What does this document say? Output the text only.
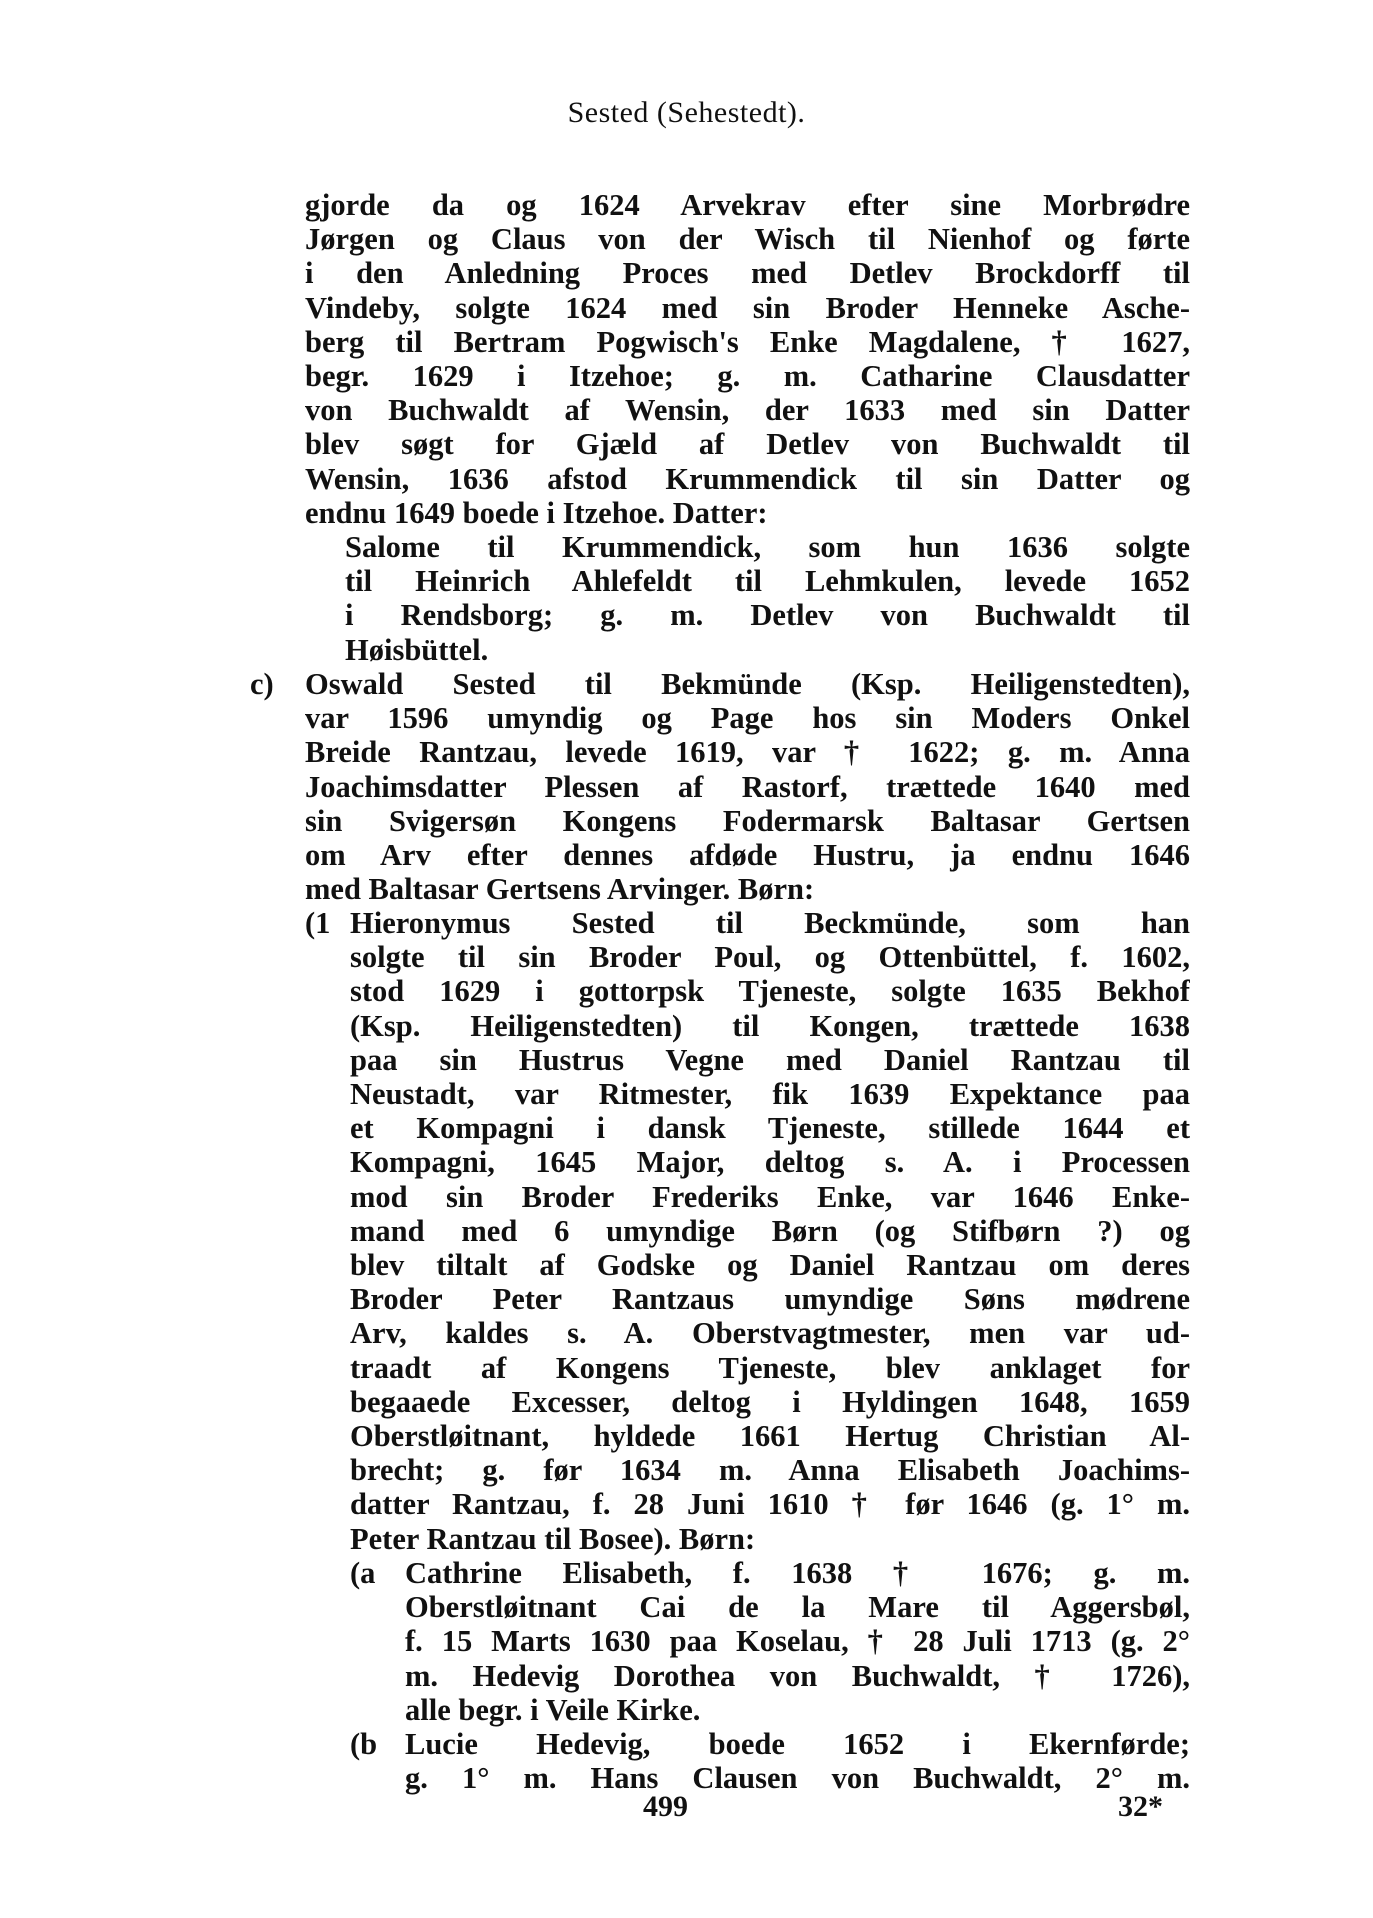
Sested (Sehestedt).
gjorde da og 1624 Arvekrav efter sine Morbrødre
Jørgen og Claus von der Wisch til Nienhof og førte
i den Anledning Proces med Detlev Brockdorff til
Vindeby, solgte 1624 med sin Broder Henneke Asche-
berg til Bertram Pogwisch's Enke Magdalene, † 1627,
begr. 1629 i Itzehoe; g. m. Catharine Clausdatter
von Buchwaldt af Wensin, der 1633 med sin Datter
blev søgt for Gjæld af Detlev von Buchwaldt til
Wensin, 1636 afstod Krummendick til sin Datter og
endnu 1649 boede i Itzehoe. Datter:
Salome til Krummendick, som hun 1636 solgte
til Heinrich Ahlefeldt til Lehmkulen, levede 1652
i Rendsborg; g. m. Detlev von Buchwaldt til
Høisbüttel.
c) Oswald Sested til Bekmünde (Ksp. Heiligenstedten),
var 1596 umyndig og Page hos sin Moders Onkel
Breide Rantzau, levede 1619, var † 1622; g. m. Anna
Joachimsdatter Plessen af Rastorf, trættede 1640 med
sin Svigersøn Kongens Fodermarsk Baltasar Gertsen
om Arv efter dennes afdøde Hustru, ja endnu 1646
med Baltasar Gertsens Arvinger. Børn:
(1 Hieronymus Sested til Beckmünde, som han
solgte til sin Broder Poul, og Ottenbüttel, f. 1602,
stod 1629 i gottorpsk Tjeneste, solgte 1635 Bekhof
(Ksp. Heiligenstedten) til Kongen, trættede 1638
paa sin Hustrus Vegne med Daniel Rantzau til
Neustadt, var Ritmester, fik 1639 Expektance paa
et Kompagni i dansk Tjeneste, stillede 1644 et
Kompagni, 1645 Major, deltog s. A. i Processen
mod sin Broder Frederiks Enke, var 1646 Enke-
mand med 6 umyndige Børn (og Stifbørn ?) og
blev tiltalt af Godske og Daniel Rantzau om deres
Broder Peter Rantzaus umyndige Søns mødrene
Arv, kaldes s. A. Oberstvagtmester, men var ud-
traadt af Kongens Tjeneste, blev anklaget for
begaaede Excesser, deltog i Hyldingen 1648, 1659
Oberstløitnant, hyldede 1661 Hertug Christian Al-
brecht; g. før 1634 m. Anna Elisabeth Joachims-
datter Rantzau, f. 28 Juni 1610 † før 1646 (g. 1° m.
Peter Rantzau til Bosee). Børn:
(a Cathrine Elisabeth, f. 1638 † 1676; g. m.
Oberstløitnant Cai de la Mare til Aggersbøl,
f. 15 Marts 1630 paa Koselau, † 28 Juli 1713 (g. 2°
m. Hedevig Dorothea von Buchwaldt, † 1726),
alle begr. i Veile Kirke.
(b Lucie Hedevig, boede 1652 i Ekernførde;
g. 1° m. Hans Clausen von Buchwaldt, 2° m.
499	32*
